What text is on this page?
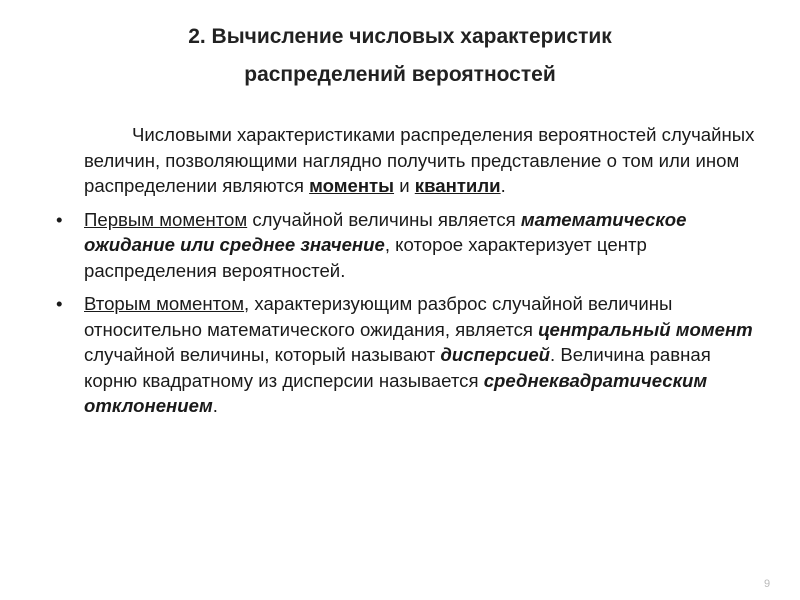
2. Вычисление числовых характеристик
распределений вероятностей

Числовыми характеристиками распределения вероятностей случайных величин, позволяющими наглядно получить представление о том или ином распределении являются моменты и квантили.

• Первым моментом случайной величины является математическое ожидание или среднее значение, которое характеризует центр распределения вероятностей.
• Вторым моментом, характеризующим разброс случайной величины относительно математического ожидания, является центральный момент случайной величины, который называют дисперсией. Величина равная корню квадратному из дисперсии называется среднеквадратическим отклонением.
9
